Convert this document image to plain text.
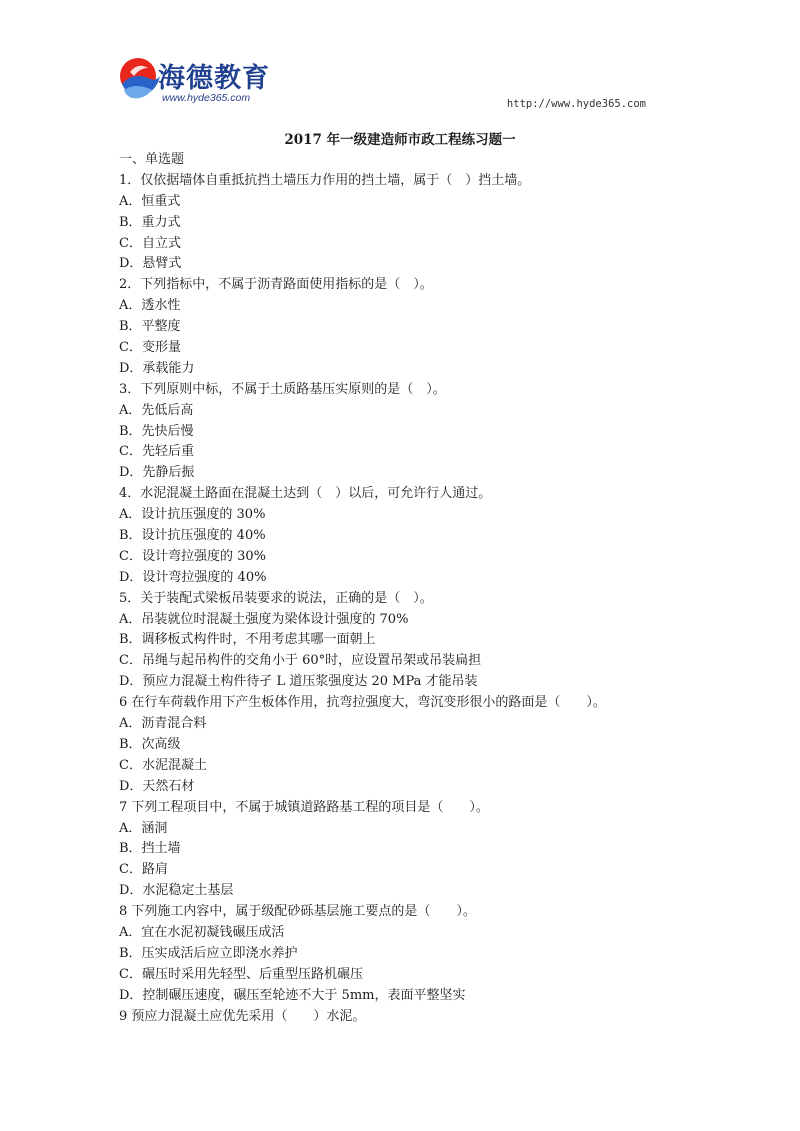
海德教育
www.hyde365.com	http://www.hyde365.com
2017 年一级建造师市政工程练习题一
一、单选题
1．仅依据墙体自重抵抗挡土墙压力作用的挡土墙，属于（　）挡土墙。
A．恒重式
B．重力式
C．自立式
D．悬臂式
2．下列指标中，不属于沥青路面使用指标的是（　）。
A．透水性
B．平整度
C．变形量
D．承载能力
3．下列原则中标，不属于土质路基压实原则的是（　）。
A．先低后高
B．先快后慢
C．先轻后重
D．先静后振
4．水泥混凝土路面在混凝土达到（　）以后，可允许行人通过。
A．设计抗压强度的 30%
B．设计抗压强度的 40%
C．设计弯拉强度的 30%
D．设计弯拉强度的 40%
5．关于装配式梁板吊装要求的说法，正确的是（　）。
A．吊装就位时混凝土强度为梁体设计强度的 70%
B．调移板式构件时，不用考虑其哪一面朝上
C．吊绳与起吊构件的交角小于 60°时，应设置吊架或吊装扁担
D．预应力混凝土构件待孑 L 道压浆强度达 20 MPa 才能吊装
6 在行车荷载作用下产生板体作用，抗弯拉强度大，弯沉变形很小的路面是（　　）。
A．沥青混合料
B．次高级
C．水泥混凝土
D．天然石材
7 下列工程项目中，不属于城镇道路路基工程的项目是（　　）。
A．涵洞
B．挡土墙
C．路肩
D．水泥稳定土基层
8 下列施工内容中，属于级配砂砾基层施工要点的是（　　）。
A．宜在水泥初凝钱碾压成活
B．压实成活后应立即浇水养护
C．碾压时采用先轻型、后重型压路机碾压
D．控制碾压速度，碾压至轮迹不大于 5mm，表面平整坚实
9 预应力混凝土应优先采用（　　）水泥。
